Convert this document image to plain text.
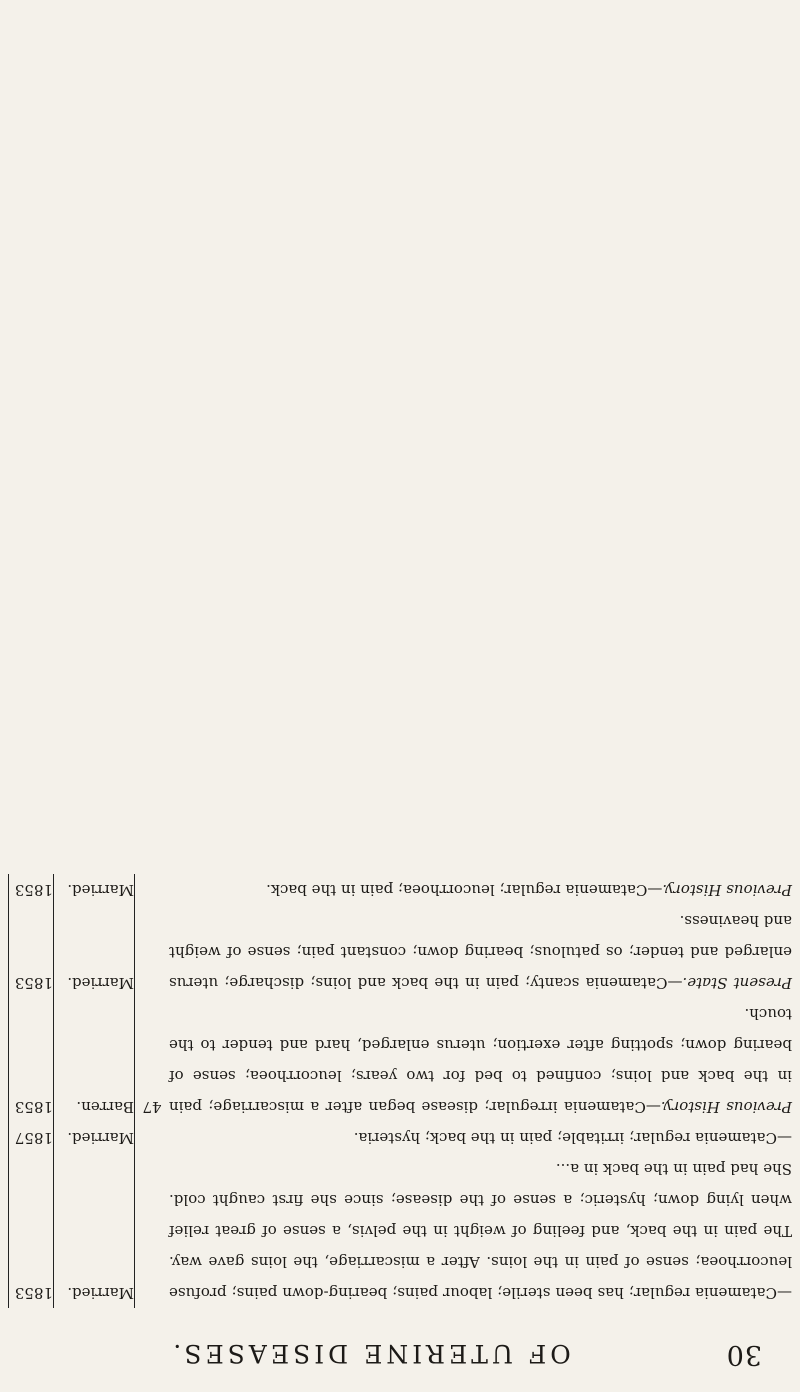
30
OF UTERINE DISEASES.
—Catamenia regular; has been sterile; labour pains; bearing-down pains; profuse leucorrhoea; sense of pain in the loins. After a miscarriage, the loins gave way. The pain in the back, and feeling of weight in the pelvis, a sense of great relief when lying down; hysteric; a sense of the disease; since she first caught cold. She had pain in the back in a...		Married.	1853
—Catamenia regular; irritable; pain in the back; hysteria.		Married.	1857
Previous History.—Catamenia irregular; disease began after a miscarriage; pain in the back and loins; confined to bed for two years; leucorrhoea; sense of bearing down; spotting after exertion; uterus enlarged, hard and tender to the touch.	47	Barren.	1853
Present State.—Catamenia scanty; pain in the back and loins; discharge; uterus enlarged and tender; os patulous; bearing down; constant pain; sense of weight and heaviness.		Married.	1853
Previous History.—Catamenia regular; leucorrhoea; pain in the back.		Married.	1853
